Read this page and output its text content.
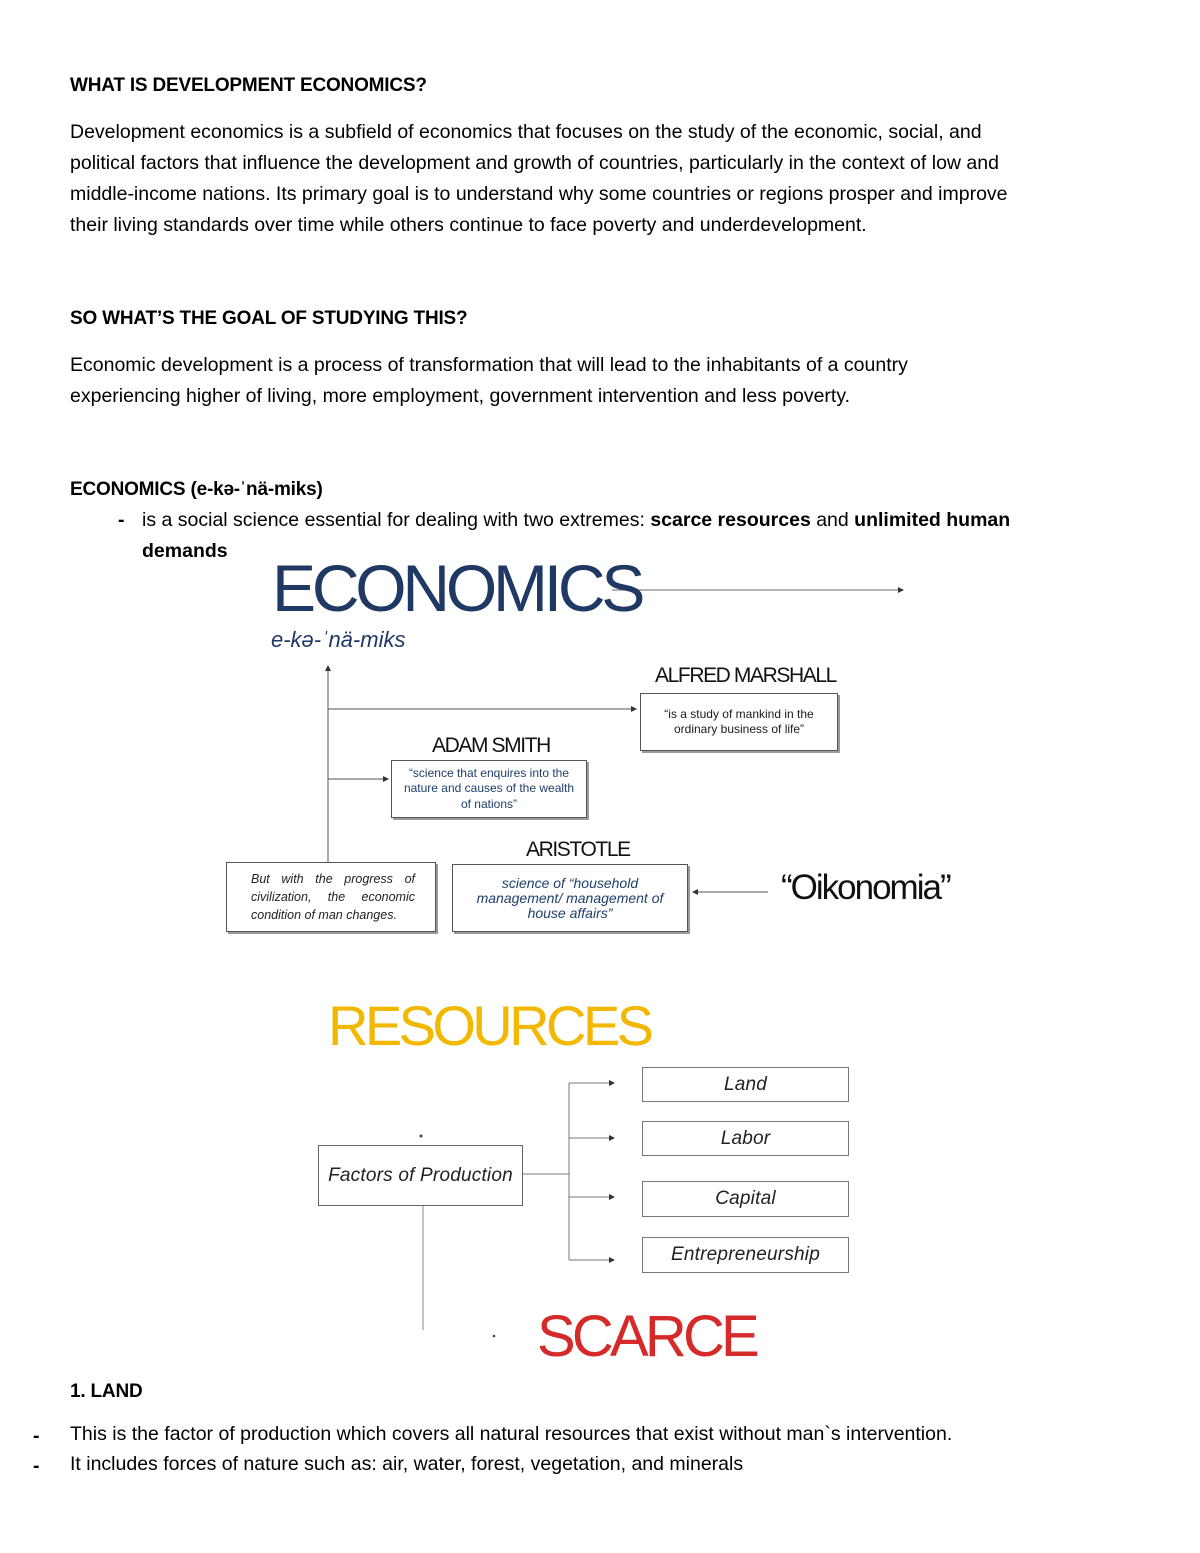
WHAT IS DEVELOPMENT ECONOMICS?

Development economics is a subfield of economics that focuses on the study of the economic, social, and

political factors that influence the development and growth of countries, particularly in the context of low and

middle-income nations. Its primary goal is to understand why some countries or regions prosper and improve

their living standards over time while others continue to face poverty and underdevelopment.

SO WHAT’S THE GOAL OF STUDYING THIS?

Economic development is a process of transformation that will lead to the inhabitants of a country

experiencing higher of living, more employment, government intervention and less poverty.

ECONOMICS (e-kə-ˈnä-miks)
- is a social science essential for dealing with two extremes: scarce resources and unlimited human
demands ECONOMICS
e-kə-ˈnä-miks
ALFRED MARSHALL
“is a study of mankind in the ordinary business of life”
ADAM SMITH
“science that enquires into the nature and causes of the wealth of nations”
ARISTOTLE
science of “household management/ management of house affairs”
But with the progress of civilization, the economic condition of man changes.
“Oikonomia”
RESOURCES
Factors of Production
Land
Labor
Capital
Entrepreneurship
SCARCE
1. LAND
- This is the factor of production which covers all natural resources that exist without man`s intervention.
- It includes forces of nature such as: air, water, forest, vegetation, and minerals
